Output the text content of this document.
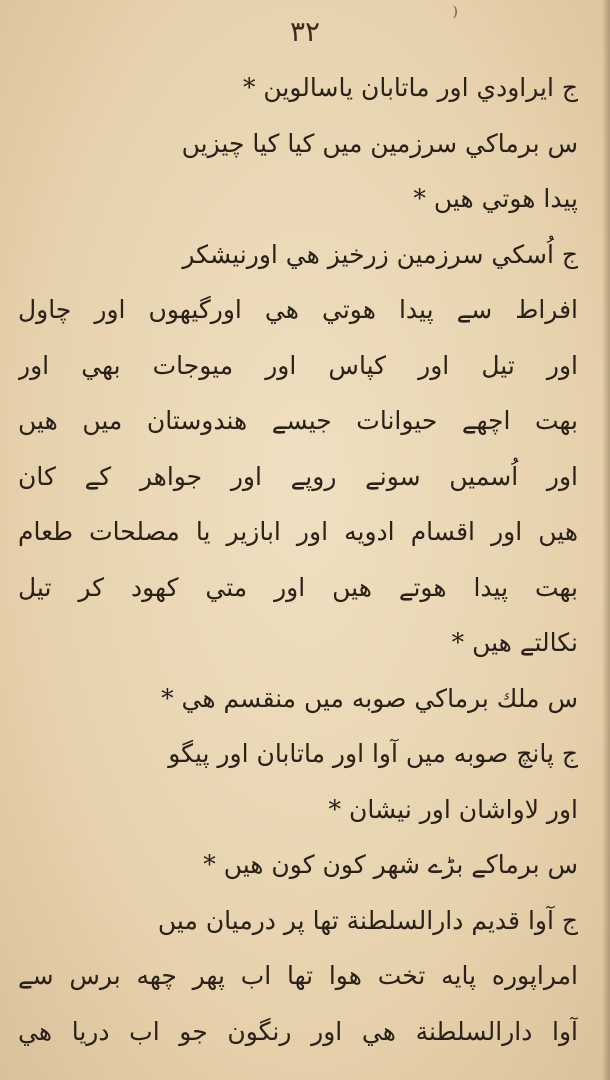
)
۳۲
ج ايراودي اور ماتابان ياسالوين *
س برماكي سرزمين ميں كيا كيا چيزيں
پيدا هوتي هيں *
ج اُسكي سرزمين زرخيز هي اورنيشكر
افراط سے پيدا هوتي هي اورگيهوں اور چاول
اور تيل اور كپاس اور ميوجات بهي اور
بهت اچهے حيوانات جيسے هندوستان ميں هيں
اور اُسميں سونے روپے اور جواهر كے كان
هيں اور اقسام ادويه اور ابازير يا مصلحات طعام
بهت پيدا هوتے هيں اور متي كهود كر تيل
نكالتے هيں *
س ملك برماكي صوبه ميں منقسم هي *
ج پانچ صوبه ميں آوا اور ماتابان اور پيگو
اور لاواشان اور نيشان *
س برماكے بڑے شهر كون كون هيں *
ج آوا قديم دارالسلطنة تها پر درميان ميں
امراپوره پايه تخت هوا تها اب پهر چهه برس سے
آوا دارالسلطنة هي اور رنگون جو اب دريا هي
